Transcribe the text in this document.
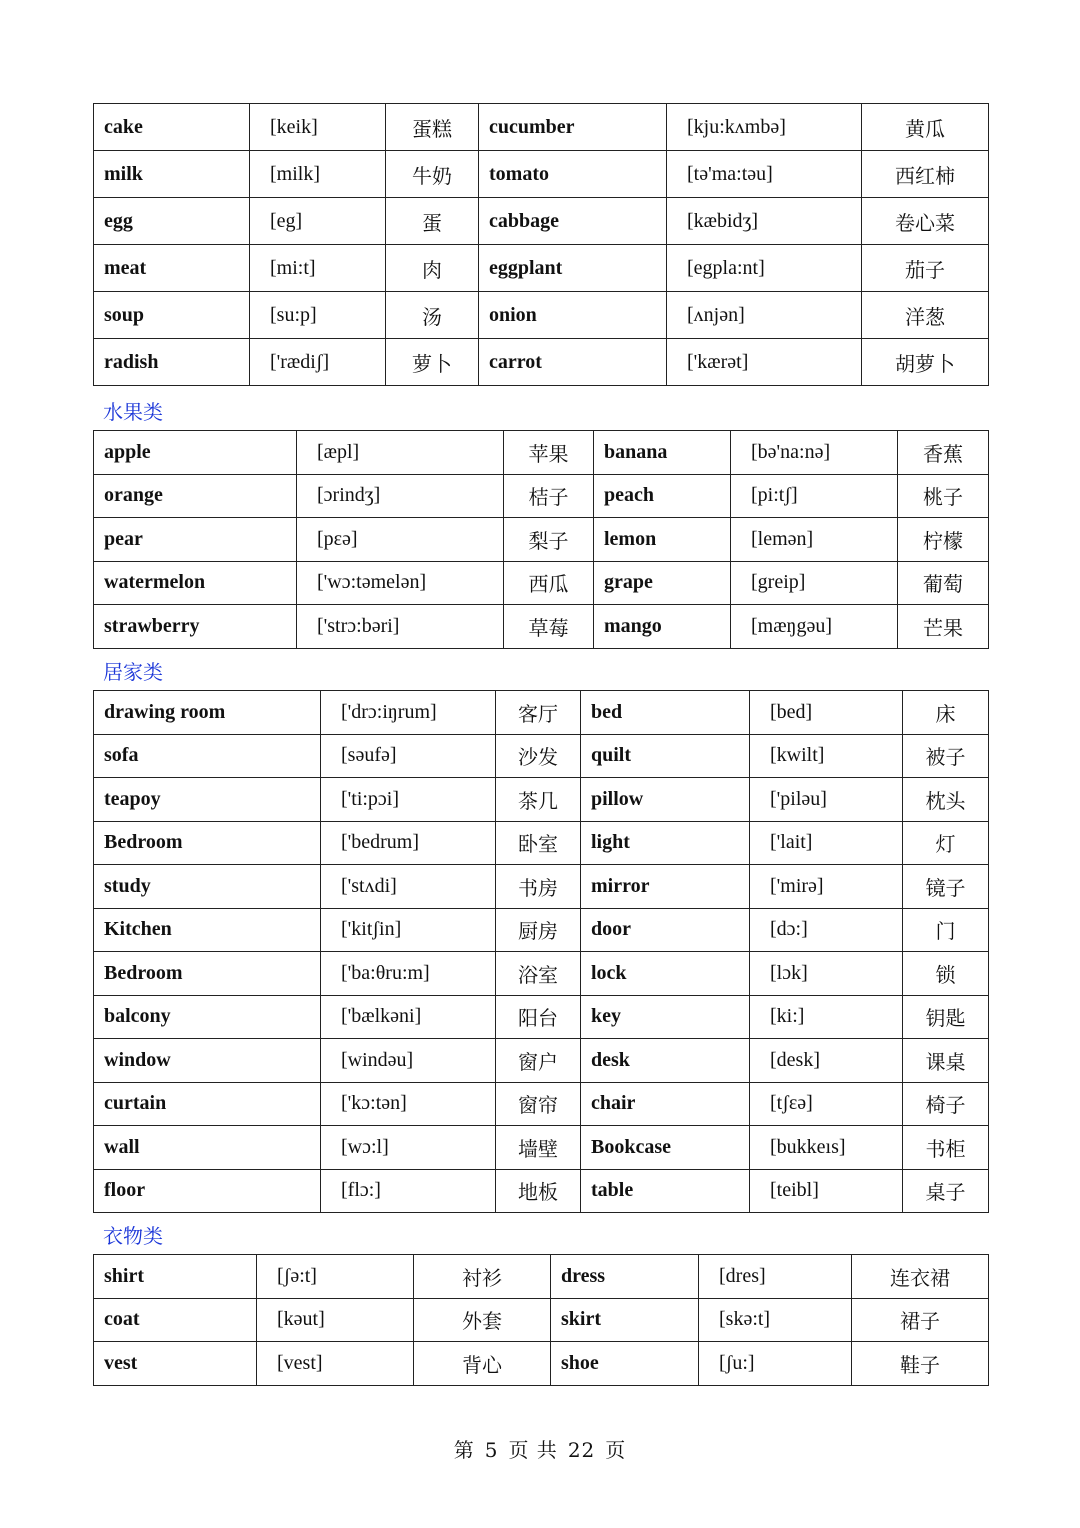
cake	[keik]	蛋糕	cucumber	[kju:kʌmbə]	黄瓜
milk	[milk]	牛奶	tomato	[tə'ma:təu]	西红柿
egg	[eg]	蛋	cabbage	[kæbidʒ]	卷心菜
meat	[mi:t]	肉	eggplant	[egpla:nt]	茄子
soup	[su:p]	汤	onion	[ʌnjən]	洋葱
radish	['rædiʃ]	萝卜	carrot	['kærət]	胡萝卜
水果类
apple	[æpl]	苹果	banana	[bə'na:nə]	香蕉
orange	[ɔrindʒ]	桔子	peach	[pi:tʃ]	桃子
pear	[pɛə]	梨子	lemon	[lemən]	柠檬
watermelon	['wɔ:təmelən]	西瓜	grape	[greip]	葡萄
strawberry	['strɔ:bəri]	草莓	mango	[mæŋgəu]	芒果
居家类
drawing room	['drɔ:iŋrum]	客厅	bed	[bed]	床
sofa	[səufə]	沙发	quilt	[kwilt]	被子
teapoy	['ti:pɔi]	茶几	pillow	['piləu]	枕头
Bedroom	['bedrum]	卧室	light	['lait]	灯
study	['stʌdi]	书房	mirror	['mirə]	镜子
Kitchen	['kitʃin]	厨房	door	[dɔ:]	门
Bedroom	['ba:θru:m]	浴室	lock	[lɔk]	锁
balcony	['bælkəni]	阳台	key	[ki:]	钥匙
window	[windəu]	窗户	desk	[desk]	课桌
curtain	['kɔ:tən]	窗帘	chair	[tʃɛə]	椅子
wall	[wɔ:l]	墙壁	Bookcase	[bukkeıs]	书柜
floor	[flɔ:]	地板	table	[teibl]	桌子
衣物类
shirt	[ʃə:t]	衬衫	dress	[dres]	连衣裙
coat	[kəut]	外套	skirt	[skə:t]	裙子
vest	[vest]	背心	shoe	[ʃu:]	鞋子
第 5 页 共 22 页
